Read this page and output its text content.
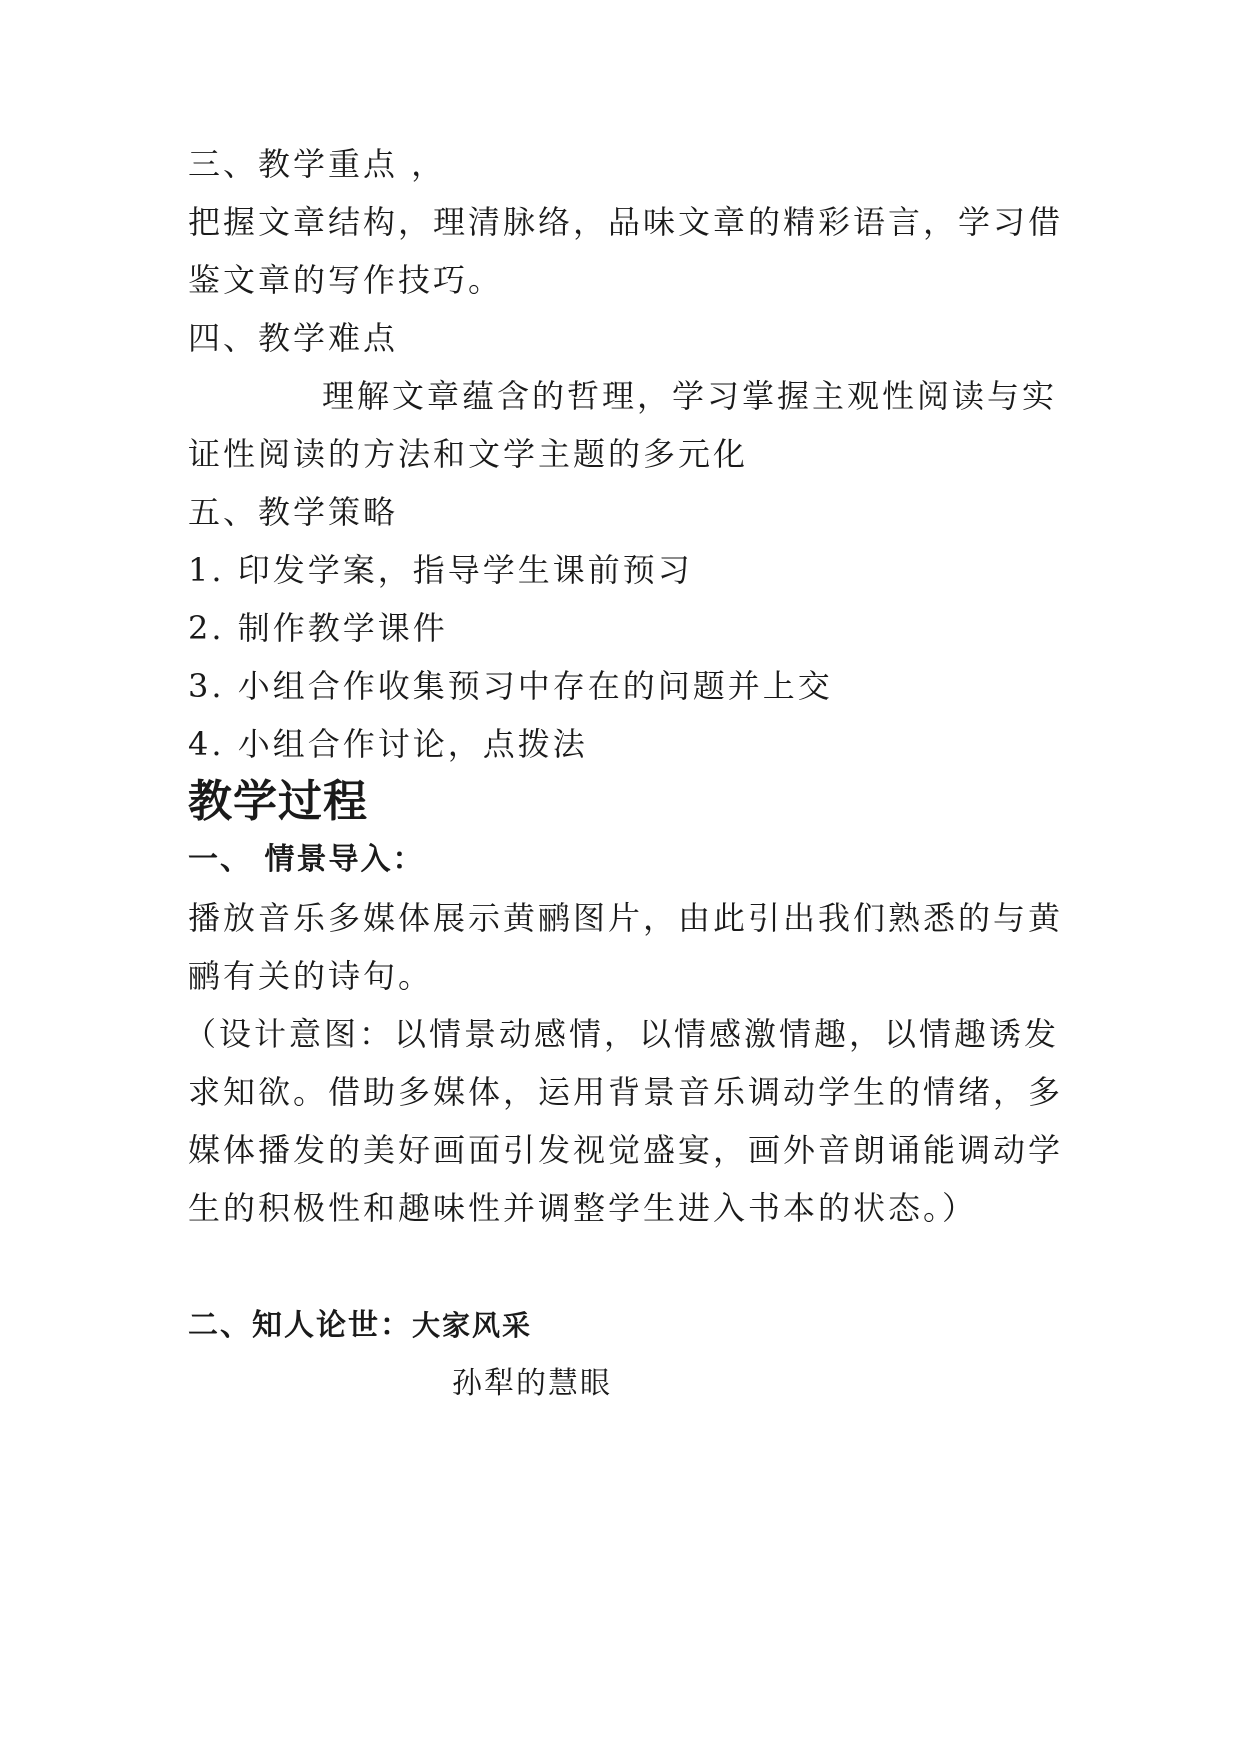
三、教学重点 ，
把握文章结构，理清脉络，品味文章的精彩语言，学习借
鉴文章的写作技巧。
四、教学难点
理解文章蕴含的哲理，学习掌握主观性阅读与实
证性阅读的方法和文学主题的多元化
五、教学策略
1. 印发学案，指导学生课前预习
2. 制作教学课件
3. 小组合作收集预习中存在的问题并上交
4. 小组合作讨论，点拨法
教学过程
一、 情景导入：
播放音乐多媒体展示黄鹂图片，由此引出我们熟悉的与黄
鹂有关的诗句。
（设计意图：以情景动感情，以情感激情趣，以情趣诱发
求知欲。借助多媒体，运用背景音乐调动学生的情绪，多
媒体播发的美好画面引发视觉盛宴，画外音朗诵能调动学
生的积极性和趣味性并调整学生进入书本的状态。）
二、知人论世：大家风采
孙犁的慧眼
